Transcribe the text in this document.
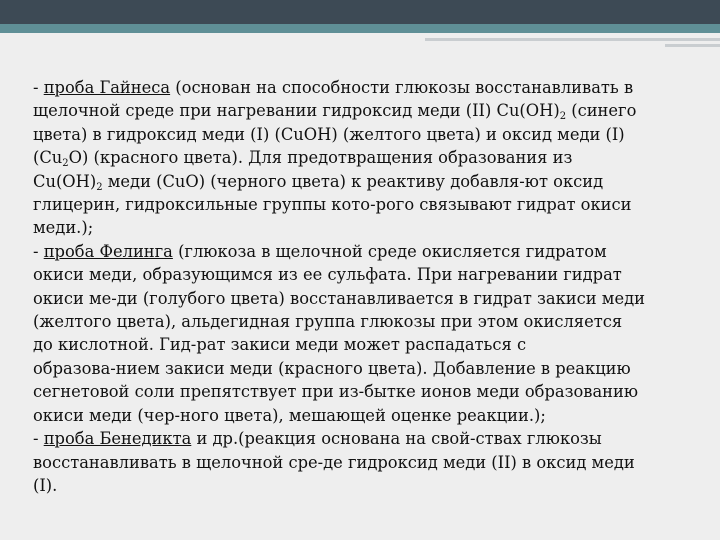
- проба Гайнеса (основан на способности глюкозы восстанавливать в
щелочной среде при нагревании гидроксид меди (II) $Cu(OH)_2$ (синего
цвета) в гидроксид меди (I) (CuOH) (желтого цвета) и оксид меди (I)
$(Cu_2O)$ (красного цвета). Для предотвращения образования из
$Cu(OH)_2$ меди (CuO) (черного цвета) к реактиву добавля-ют оксид
глицерин, гидроксильные группы кото-рого связывают гидрат окиси
меди.);
- проба Фелинга (глюкоза в щелочной среде окисляется гидратом
окиси меди, образующимся из ее сульфата. При нагревании гидрат
окиси ме-ди (голубого цвета) восстанавливается в гидрат закиси меди
(желтого цвета), альдегидная группа глюкозы при этом окисляется
до кислотной. Гид-рат закиси меди может распадаться с
образова-нием закиси меди (красного цвета). Добавление в реакцию
сегнетовой соли препятствует при из-бытке ионов меди образованию
окиси меди (чер-ного цвета), мешающей оценке реакции.);
- проба Бенедикта и др.(реакция основана на свой-ствах глюкозы
восстанавливать в щелочной сре-де гидроксид меди (II) в оксид меди
(I).
